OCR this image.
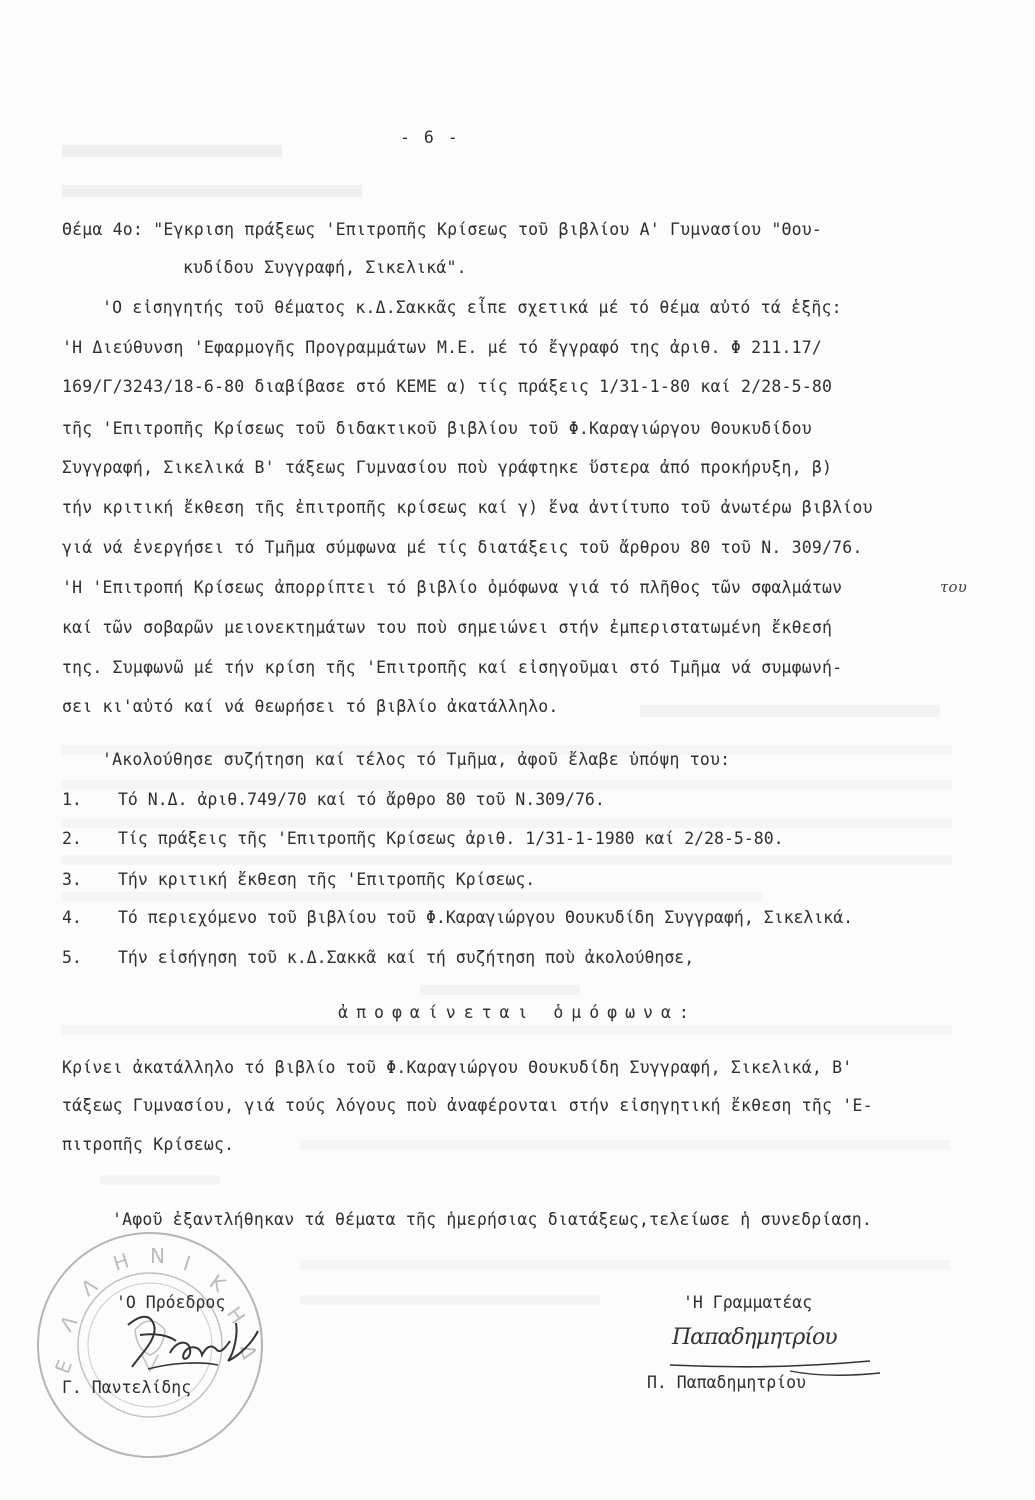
- 6 -
Θέμα 4ο: "Εγκριση πράξεως 'Επιτροπῆς Κρίσεως τοῦ βιβλίου Α' Γυμνασίου "Θου-
κυδίδου Συγγραφή, Σικελικά".
'Ο εἰσηγητής τοῦ θέματος κ.Δ.Σακκᾶς εἶπε σχετικά μέ τό θέμα αὐτό τά ἑξῆς:
'Η Διεύθυνση 'Εφαρμογῆς Προγραμμάτων Μ.Ε. μέ τό ἔγγραφό της ἀριθ. Φ 211.17/
169/Γ/3243/18-6-80 διαβίβασε στό ΚΕΜΕ α) τίς πράξεις 1/31-1-80 καί 2/28-5-80
τῆς 'Επιτροπῆς Κρίσεως τοῦ διδακτικοῦ βιβλίου τοῦ Φ.Καραγιώργου Θουκυδίδου
Συγγραφή, Σικελικά Β' τάξεως Γυμνασίου ποὺ γράφτηκε ὕστερα ἀπό προκήρυξη, β)
τήν κριτική ἔκθεση τῆς ἐπιτροπῆς κρίσεως καί γ) ἕνα ἀντίτυπο τοῦ ἀνωτέρω βιβλίου
γιά νά ἐνεργήσει τό Τμῆμα σύμφωνα μέ τίς διατάξεις τοῦ ἄρθρου 80 τοῦ Ν. 309/76.
'Η 'Επιτροπή Κρίσεως ἀπορρίπτει τό βιβλίο ὁμόφωνα γιά τό πλῆθος τῶν σφαλμάτων	του
καί τῶν σοβαρῶν μειονεκτημάτων του ποὺ σημειώνει στήν ἐμπεριστατωμένη ἔκθεσή
της. Συμφωνῶ μέ τήν κρίση τῆς 'Επιτροπῆς καί εἰσηγοῦμαι στό Τμῆμα νά συμφωνή-
σει κι'αὐτό καί νά θεωρήσει τό βιβλίο ἀκατάλληλο.
'Ακολούθησε συζήτηση καί τέλος τό Τμῆμα, ἀφοῦ ἔλαβε ὑπόψη του:
1. Τό Ν.Δ. ἀριθ.749/70 καί τό ἄρθρο 80 τοῦ Ν.309/76.
2. Τίς πράξεις τῆς 'Επιτροπῆς Κρίσεως ἀριθ. 1/31-1-1980 καί 2/28-5-80.
3. Τήν κριτική ἔκθεση τῆς 'Επιτροπῆς Κρίσεως.
4. Τό περιεχόμενο τοῦ βιβλίου τοῦ Φ.Καραγιώργου Θουκυδίδη Συγγραφή, Σικελικά.
5. Τήν εἰσήγηση τοῦ κ.Δ.Σακκᾶ καί τή συζήτηση ποὺ ἀκολούθησε,
ἀποφαίνεται ὁμόφωνα:
Κρίνει ἀκατάλληλο τό βιβλίο τοῦ Φ.Καραγιώργου Θουκυδίδη Συγγραφή, Σικελικά, Β'
τάξεως Γυμνασίου, γιά τούς λόγους ποὺ ἀναφέρονται στήν εἰσηγητική ἔκθεση τῆς 'Ε-
πιτροπῆς Κρίσεως.
'Αφοῦ ἐξαντλήθηκαν τά θέματα τῆς ἡμερήσιας διατάξεως,τελείωσε ἡ συνεδρίαση.
Ε
Λ
Λ
Η Ν Ι
Κ
Η
Δ
'Ο Πρόεδρος
Γ. Παντελίδης
'Η Γραμματέας
Παπαδημητρίου
Π. Παπαδημητρίου
